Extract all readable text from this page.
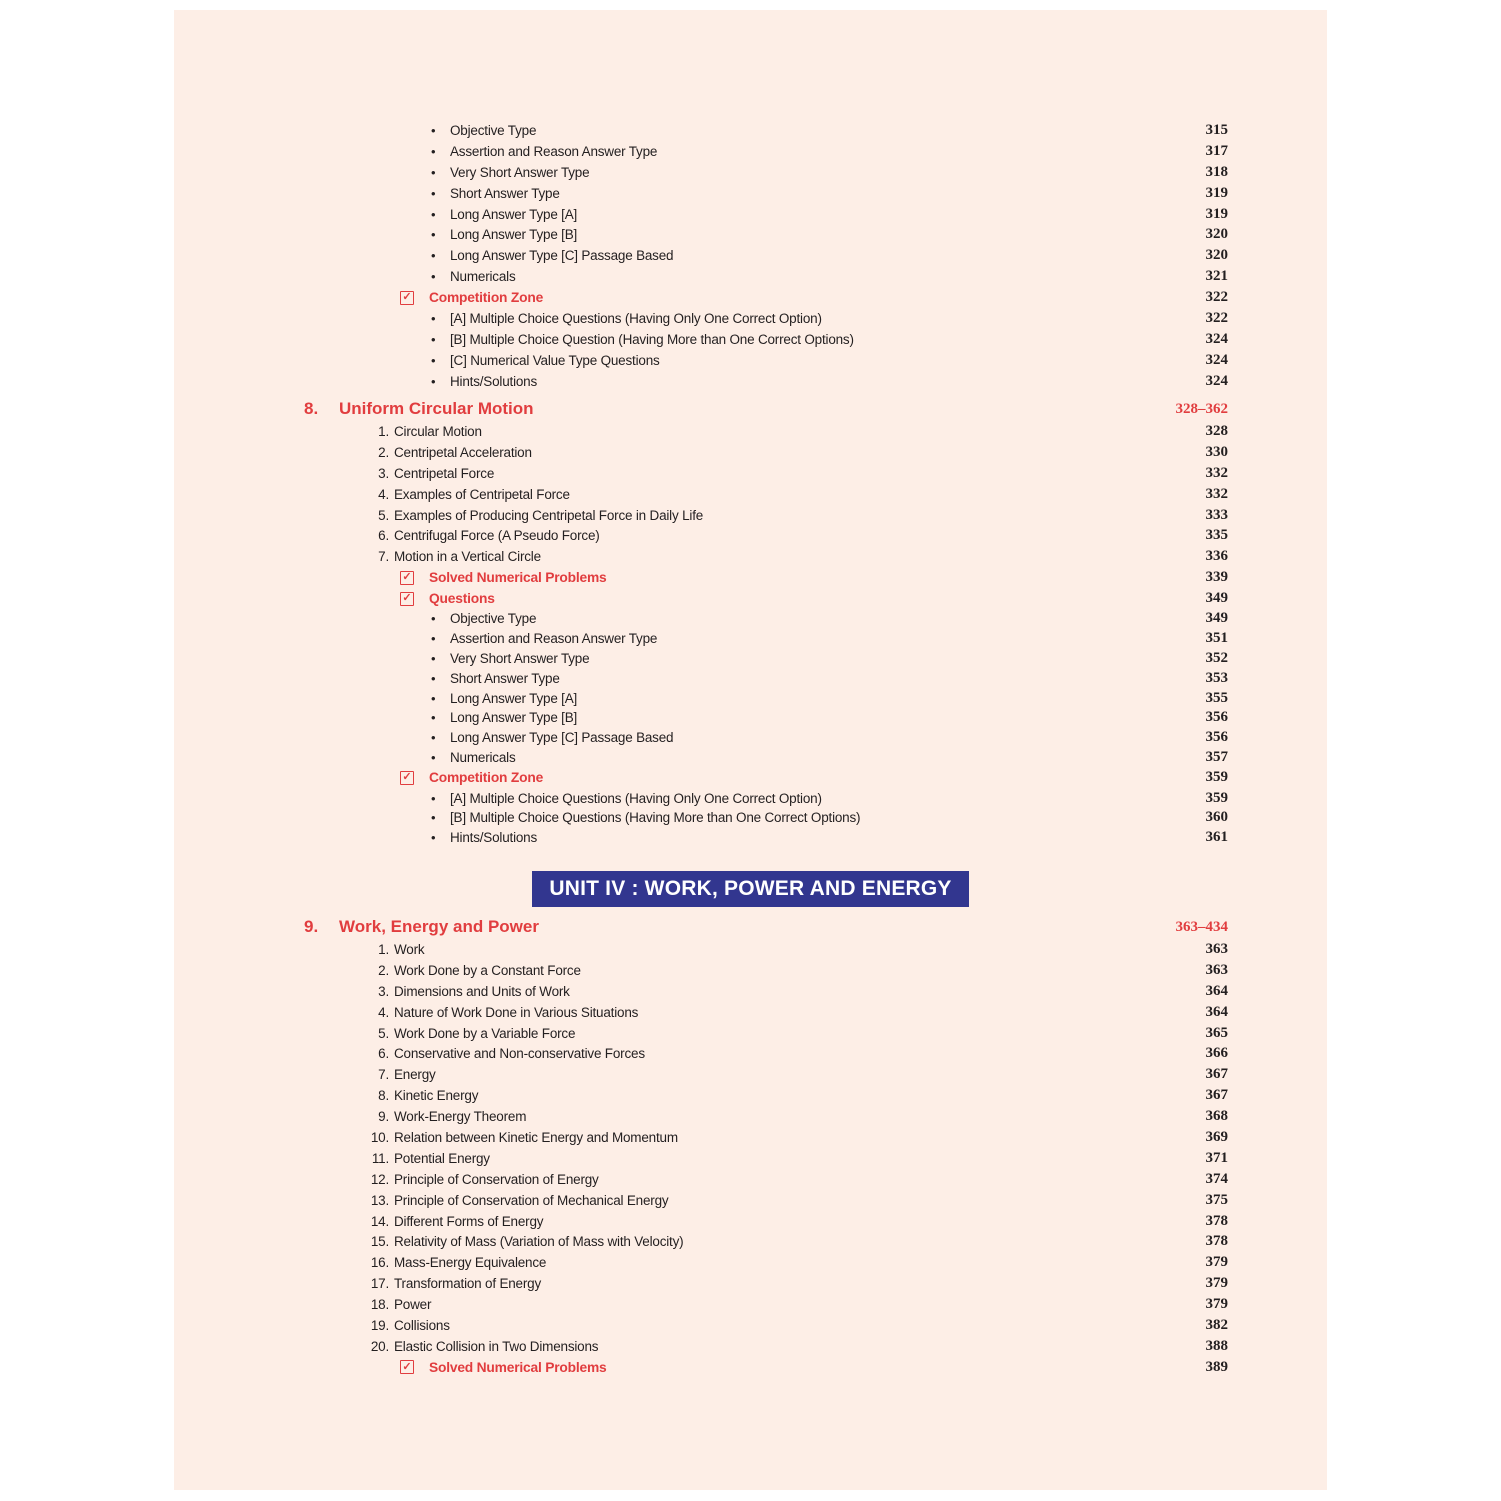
•	Objective Type	315
•	Assertion and Reason Answer Type	317
•	Very Short Answer Type	318
•	Short Answer Type	319
•	Long Answer Type [A]	319
•	Long Answer Type [B]	320
•	Long Answer Type [C] Passage Based	320
•	Numericals	321
✓ Competition Zone	322
•	[A] Multiple Choice Questions (Having Only One Correct Option)	322
•	[B] Multiple Choice Question (Having More than One Correct Options)	324
•	[C] Numerical Value Type Questions	324
•	Hints/Solutions	324
8.	Uniform Circular Motion	328–362
1. Circular Motion	328
2. Centripetal Acceleration	330
3. Centripetal Force	332
4. Examples of Centripetal Force	332
5. Examples of Producing Centripetal Force in Daily Life	333
6. Centrifugal Force (A Pseudo Force)	335
7. Motion in a Vertical Circle	336
✓ Solved Numerical Problems	339
✓ Questions	349
•	Objective Type	349
•	Assertion and Reason Answer Type	351
•	Very Short Answer Type	352
•	Short Answer Type	353
•	Long Answer Type [A]	355
•	Long Answer Type [B]	356
•	Long Answer Type [C] Passage Based	356
•	Numericals	357
✓ Competition Zone	359
•	[A] Multiple Choice Questions (Having Only One Correct Option)	359
•	[B] Multiple Choice Questions (Having More than One Correct Options)	360
•	Hints/Solutions	361
UNIT IV : WORK, POWER AND ENERGY
9.	Work, Energy and Power	363–434
1. Work	363
2. Work Done by a Constant Force	363
3. Dimensions and Units of Work	364
4. Nature of Work Done in Various Situations	364
5. Work Done by a Variable Force	365
6. Conservative and Non-conservative Forces	366
7. Energy	367
8. Kinetic Energy	367
9. Work-Energy Theorem	368
10. Relation between Kinetic Energy and Momentum	369
11. Potential Energy	371
12. Principle of Conservation of Energy	374
13. Principle of Conservation of Mechanical Energy	375
14. Different Forms of Energy	378
15. Relativity of Mass (Variation of Mass with Velocity)	378
16. Mass-Energy Equivalence	379
17. Transformation of Energy	379
18. Power	379
19. Collisions	382
20. Elastic Collision in Two Dimensions	388
✓ Solved Numerical Problems	389
